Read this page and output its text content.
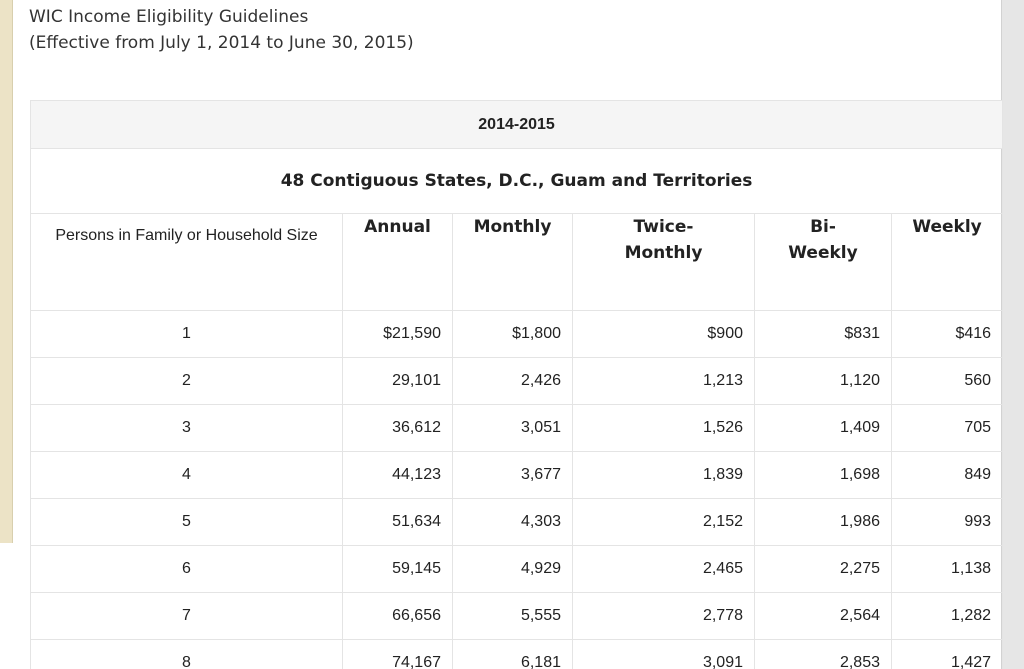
WIC Income Eligibility Guidelines
(Effective from July 1, 2014 to June 30, 2015)
2014-2015					
48 Contiguous States, D.C., Guam and Territories					
Persons in Family or Household Size	Annual	Monthly	Twice-Monthly	Bi-Weekly	Weekly
1	$21,590	$1,800	$900	$831	$416
2	29,101	2,426	1,213	1,120	560
3	36,612	3,051	1,526	1,409	705
4	44,123	3,677	1,839	1,698	849
5	51,634	4,303	2,152	1,986	993
6	59,145	4,929	2,465	2,275	1,138
7	66,656	5,555	2,778	2,564	1,282
8	74,167	6,181	3,091	2,853	1,427
